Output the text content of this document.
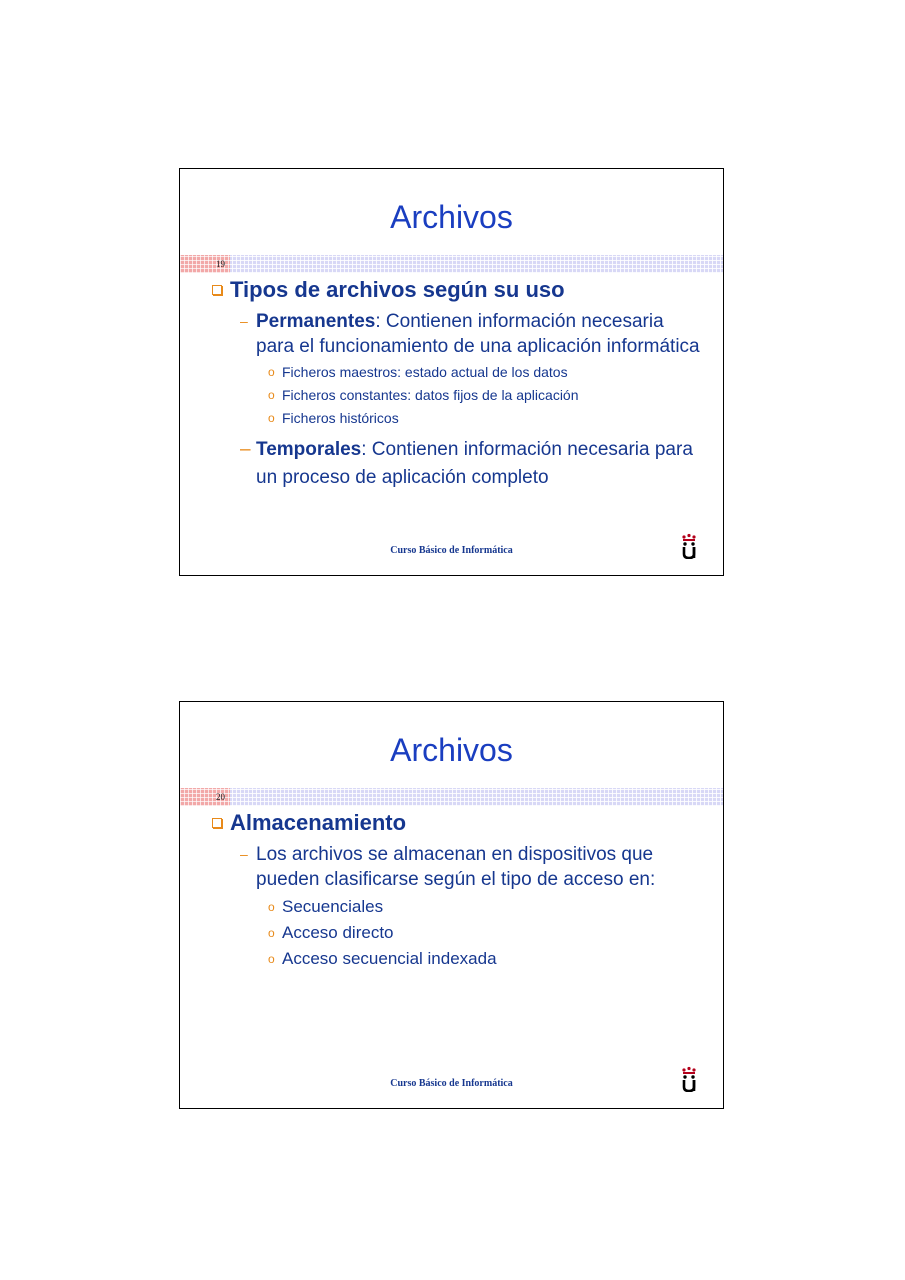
Archivos
19
Tipos de archivos según su uso
– Permanentes: Contienen información necesaria para el funcionamiento de una aplicación informática
o Ficheros maestros: estado actual de los datos
o Ficheros constantes: datos fijos de la aplicación
o Ficheros históricos
– Temporales: Contienen información necesaria para un proceso de aplicación completo
Curso Básico de Informática
Archivos
20
Almacenamiento
– Los archivos se almacenan en dispositivos que pueden clasificarse según el tipo de acceso en:
o Secuenciales
o Acceso directo
o Acceso secuencial indexada
Curso Básico de Informática
